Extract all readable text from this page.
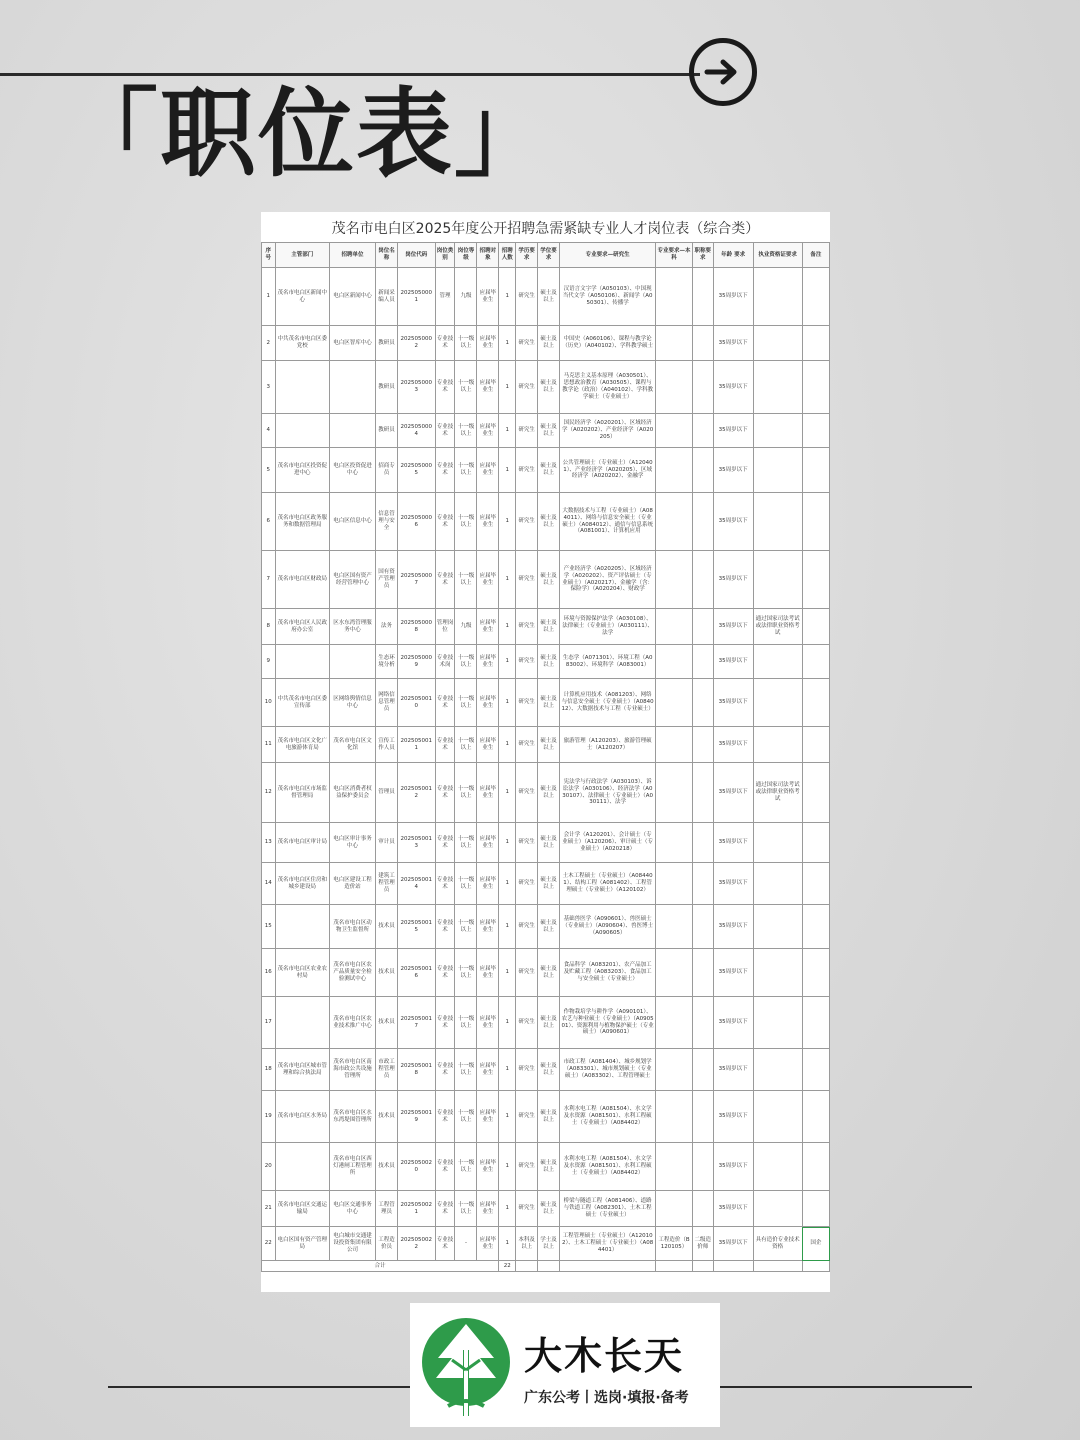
「职位表」
茂名市电白区2025年度公开招聘急需紧缺专业人才岗位表（综合类）
序号	主管部门	招聘单位	岗位名称	岗位代码	岗位类别	岗位等级	招聘对象	招聘人数	学历要求	学位要求	专业要求—研究生	专业要求—本科	职称要求	年龄 要求	执业资格证要求	备注
1	茂名市电白区新闻中心	电白区新闻中心	新闻采编人员	2025050001	管理	九级	应届毕业生	1	研究生	硕士及以上	汉语言文字学（A050103）、中国现当代文学（A050106）、新闻学（A050301）、传播学			35周岁以下		
2	中共茂名市电白区委党校	电白区智库中心	教研员	2025050002	专业技术	十一级以上	应届毕业生	1	研究生	硕士及以上	中国史（A060106）、课程与教学论（历史）（A040102）、学科教学硕士			35周岁以下		
3			教研员	2025050003	专业技术	十一级以上	应届毕业生	1	研究生	硕士及以上	马克思主义基本原理（A030501）、思想政治教育（A030505）、课程与教学论（政治）（A040102）、学科教学硕士（专业硕士）			35周岁以下		
4			教研员	2025050004	专业技术	十一级以上	应届毕业生	1	研究生	硕士及以上	国民经济学（A020201）、区域经济学（A020202）、产业经济学（A020205）			35周岁以下		
5	茂名市电白区投资促进中心	电白区投资促进中心	招商专员	2025050005	专业技术	十一级以上	应届毕业生	1	研究生	硕士及以上	公共管理硕士（专业硕士）（A120401）、产业经济学（A020205）、区域经济学（A020202）、金融学			35周岁以下		
6	茂名市电白区政务服务和数据管理局	电白区信息中心	信息管理与安全	2025050006	专业技术	十一级以上	应届毕业生	1	研究生	硕士及以上	大数据技术与工程（专业硕士）（A084011）、网络与信息安全硕士（专业硕士）（A084012）、通信与信息系统（A081001）、计算机应用			35周岁以下		
7	茂名市电白区财政局	电白区国有资产经营管理中心	国有资产管理员	2025050007	专业技术	十一级以上	应届毕业生	1	研究生	硕士及以上	产业经济学（A020205）、区域经济学（A020202）、资产评估硕士（专业硕士）（A020217）、金融学（含：保险学）（A020204）、财政学			35周岁以下		
8	茂名市电白区人民政府办公室	区水东湾管理服务中心	法务	2025050008	管理岗位	九级	应届毕业生	1	研究生	硕士及以上	环境与资源保护法学（A030108）、法律硕士（专业硕士）（A030111）、法学			35周岁以下	通过国家司法考试或法律职业资格考试	
9			生态环境分析	2025050009	专业技术岗	十一级以上	应届毕业生	1	研究生	硕士及以上	生态学（A071301）、环境工程（A083002）、环境科学（A083001）			35周岁以下		
10	中共茂名市电白区委宣传部	区网络舆情信息中心	网络信息管理员	2025050010	专业技术	十一级以上	应届毕业生	1	研究生	硕士及以上	计算机应用技术（A081203）、网络与信息安全硕士（专业硕士）（A084012）、大数据技术与工程（专业硕士）			35周岁以下		
11	茂名市电白区文化广电旅游体育局	茂名市电白区文化馆	宣传工作人员	2025050011	专业技术	十一级以上	应届毕业生	1	研究生	硕士及以上	旅游管理（A120203）、旅游管理硕士（A120207）			35周岁以下		
12	茂名市电白区市场监督管理局	电白区消费者权益保护委员会	管理员	2025050012	专业技术	十一级以上	应届毕业生	1	研究生	硕士及以上	宪法学与行政法学（A030103）、诉讼法学（A030106）、经济法学（A030107）、法律硕士（专业硕士）（A030111）、法学			35周岁以下	通过国家司法考试或法律职业资格考试	
13	茂名市电白区审计局	电白区审计事务中心	审计员	2025050013	专业技术	十一级以上	应届毕业生	1	研究生	硕士及以上	会计学（A120201）、会计硕士（专业硕士）（A120206）、审计硕士（专业硕士）（A020218）			35周岁以下		
14	茂名市电白区住房和城乡建设局	电白区建设工程造价站	建筑工程管理员	2025050014	专业技术	十一级以上	应届毕业生	1	研究生	硕士及以上	土木工程硕士（专业硕士）（A084401）、结构工程（A081402）、工程管理硕士（专业硕士）（A120102）			35周岁以下		
15		茂名市电白区动物卫生监督所	技术员	2025050015	专业技术	十一级以上	应届毕业生	1	研究生	硕士及以上	基础兽医学（A090601）、兽医硕士（专业硕士）（A090604）、兽医博士（A090605）			35周岁以下		
16	茂名市电白区农业农村局	茂名市电白区农产品质量安全检验测试中心	技术员	2025050016	专业技术	十一级以上	应届毕业生	1	研究生	硕士及以上	食品科学（A083201）、农产品加工及贮藏工程（A083203）、食品加工与安全硕士（专业硕士）			35周岁以下		
17		茂名市电白区农业技术推广中心	技术员	2025050017	专业技术	十一级以上	应届毕业生	1	研究生	硕士及以上	作物栽培学与耕作学（A090101）、农艺与种业硕士（专业硕士）（A090501）、资源利用与植物保护硕士（专业硕士）（A090601）			35周岁以下		
18	茂名市电白区城市管理和综合执法局	茂名市电白区南海市政公共设施管理所	市政工程管理员	2025050018	专业技术	十一级以上	应届毕业生	1	研究生	硕士及以上	市政工程（A081404）、城乡规划学（A083301）、城市规划硕士（专业硕士）（A083302）、工程管理硕士			35周岁以下		
19	茂名市电白区水务局	茂名市电白区水东湾堤围管理所	技术员	2025050019	专业技术	十一级以上	应届毕业生	1	研究生	硕士及以上	水利水电工程（A081504）、水文学及水资源（A081501）、水利工程硕士（专业硕士）（A084402）			35周岁以下		
20		茂名市电白区西灯港闸工程管理所	技术员	2025050020	专业技术	十一级以上	应届毕业生	1	研究生	硕士及以上	水利水电工程（A081504）、水文学及水资源（A081501）、水利工程硕士（专业硕士）（A084402）			35周岁以下		
21	茂名市电白区交通运输局	电白区交通事务中心	工程管理员	2025050021	专业技术	十一级以上	应届毕业生	1	研究生	硕士及以上	桥梁与隧道工程（A081406）、道路与铁道工程（A082301）、土木工程硕士（专业硕士）			35周岁以下		
22	电白区国有资产管理局	电白城市交通建设投资集团有限公司	工程造价员	2025050022	专业技术	-	应届毕业生	1	本科及以上	学士及以上	工程管理硕士（专业硕士）（A120102）、土木工程硕士（专业硕士）（A084401）	工程造价（B120105）	二级造价师	35周岁以下	具有造价专业技术资格	国企
合计								22								
大木长天
广东公考丨选岗·填报·备考
